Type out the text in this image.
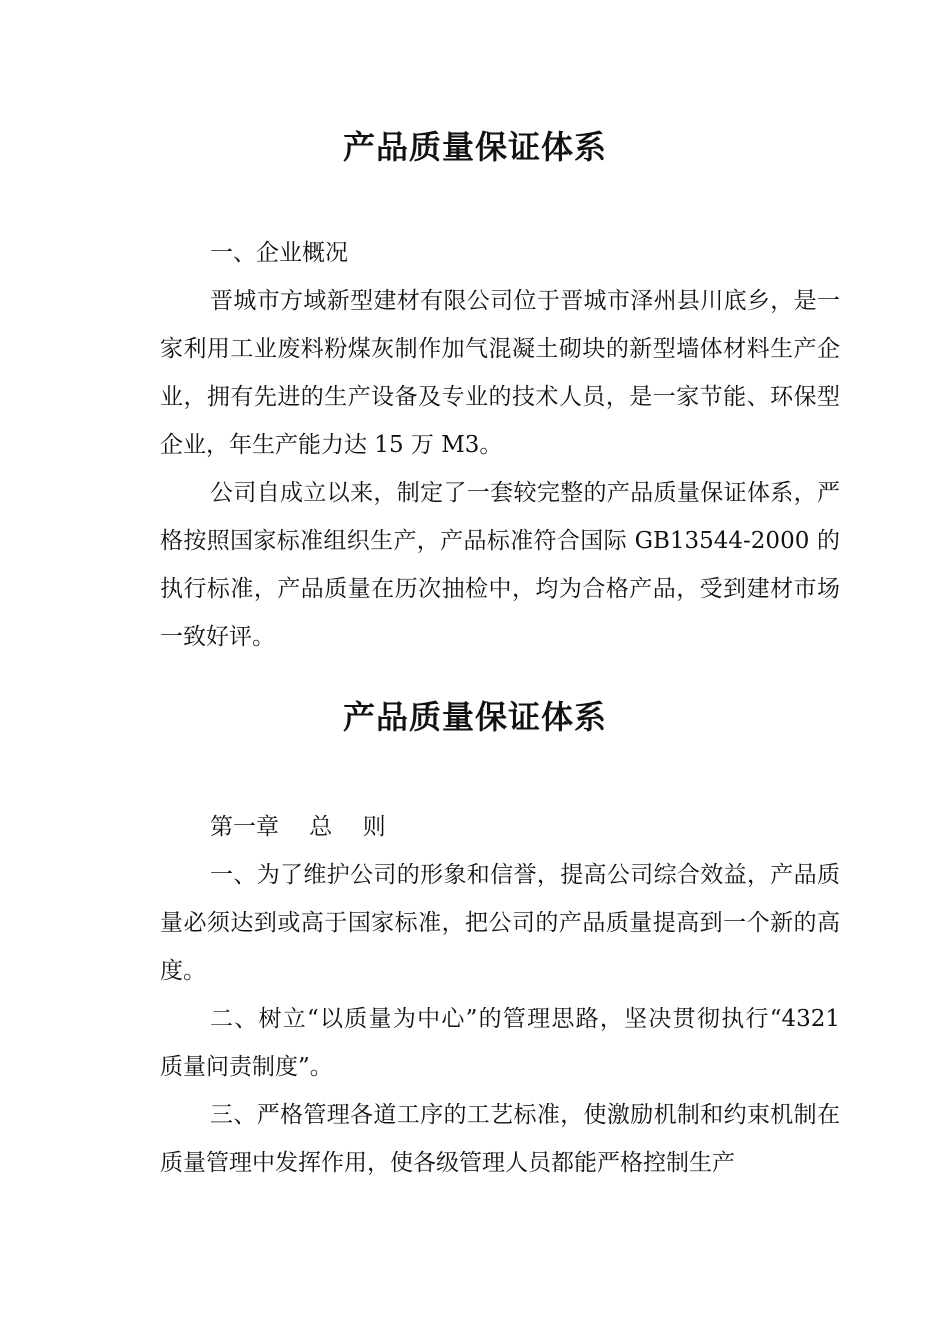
产品质量保证体系

一、企业概况

晋城市方域新型建材有限公司位于晋城市泽州县川底乡，是一家利用工业废料粉煤灰制作加气混凝土砌块的新型墙体材料生产企业，拥有先进的生产设备及专业的技术人员，是一家节能、环保型企业，年生产能力达 15 万 M3。

公司自成立以来，制定了一套较完整的产品质量保证体系，严格按照国家标准组织生产，产品标准符合国际 GB13544-2000 的执行标准，产品质量在历次抽检中，均为合格产品，受到建材市场一致好评。

产品质量保证体系

第一章　 总　 则

一、为了维护公司的形象和信誉，提高公司综合效益，产品质量必须达到或高于国家标准，把公司的产品质量提高到一个新的高度。

二、树立“以质量为中心”的管理思路，坚决贯彻执行“4321 质量问责制度”。

三、严格管理各道工序的工艺标准，使激励机制和约束机制在质量管理中发挥作用，使各级管理人员都能严格控制生产
